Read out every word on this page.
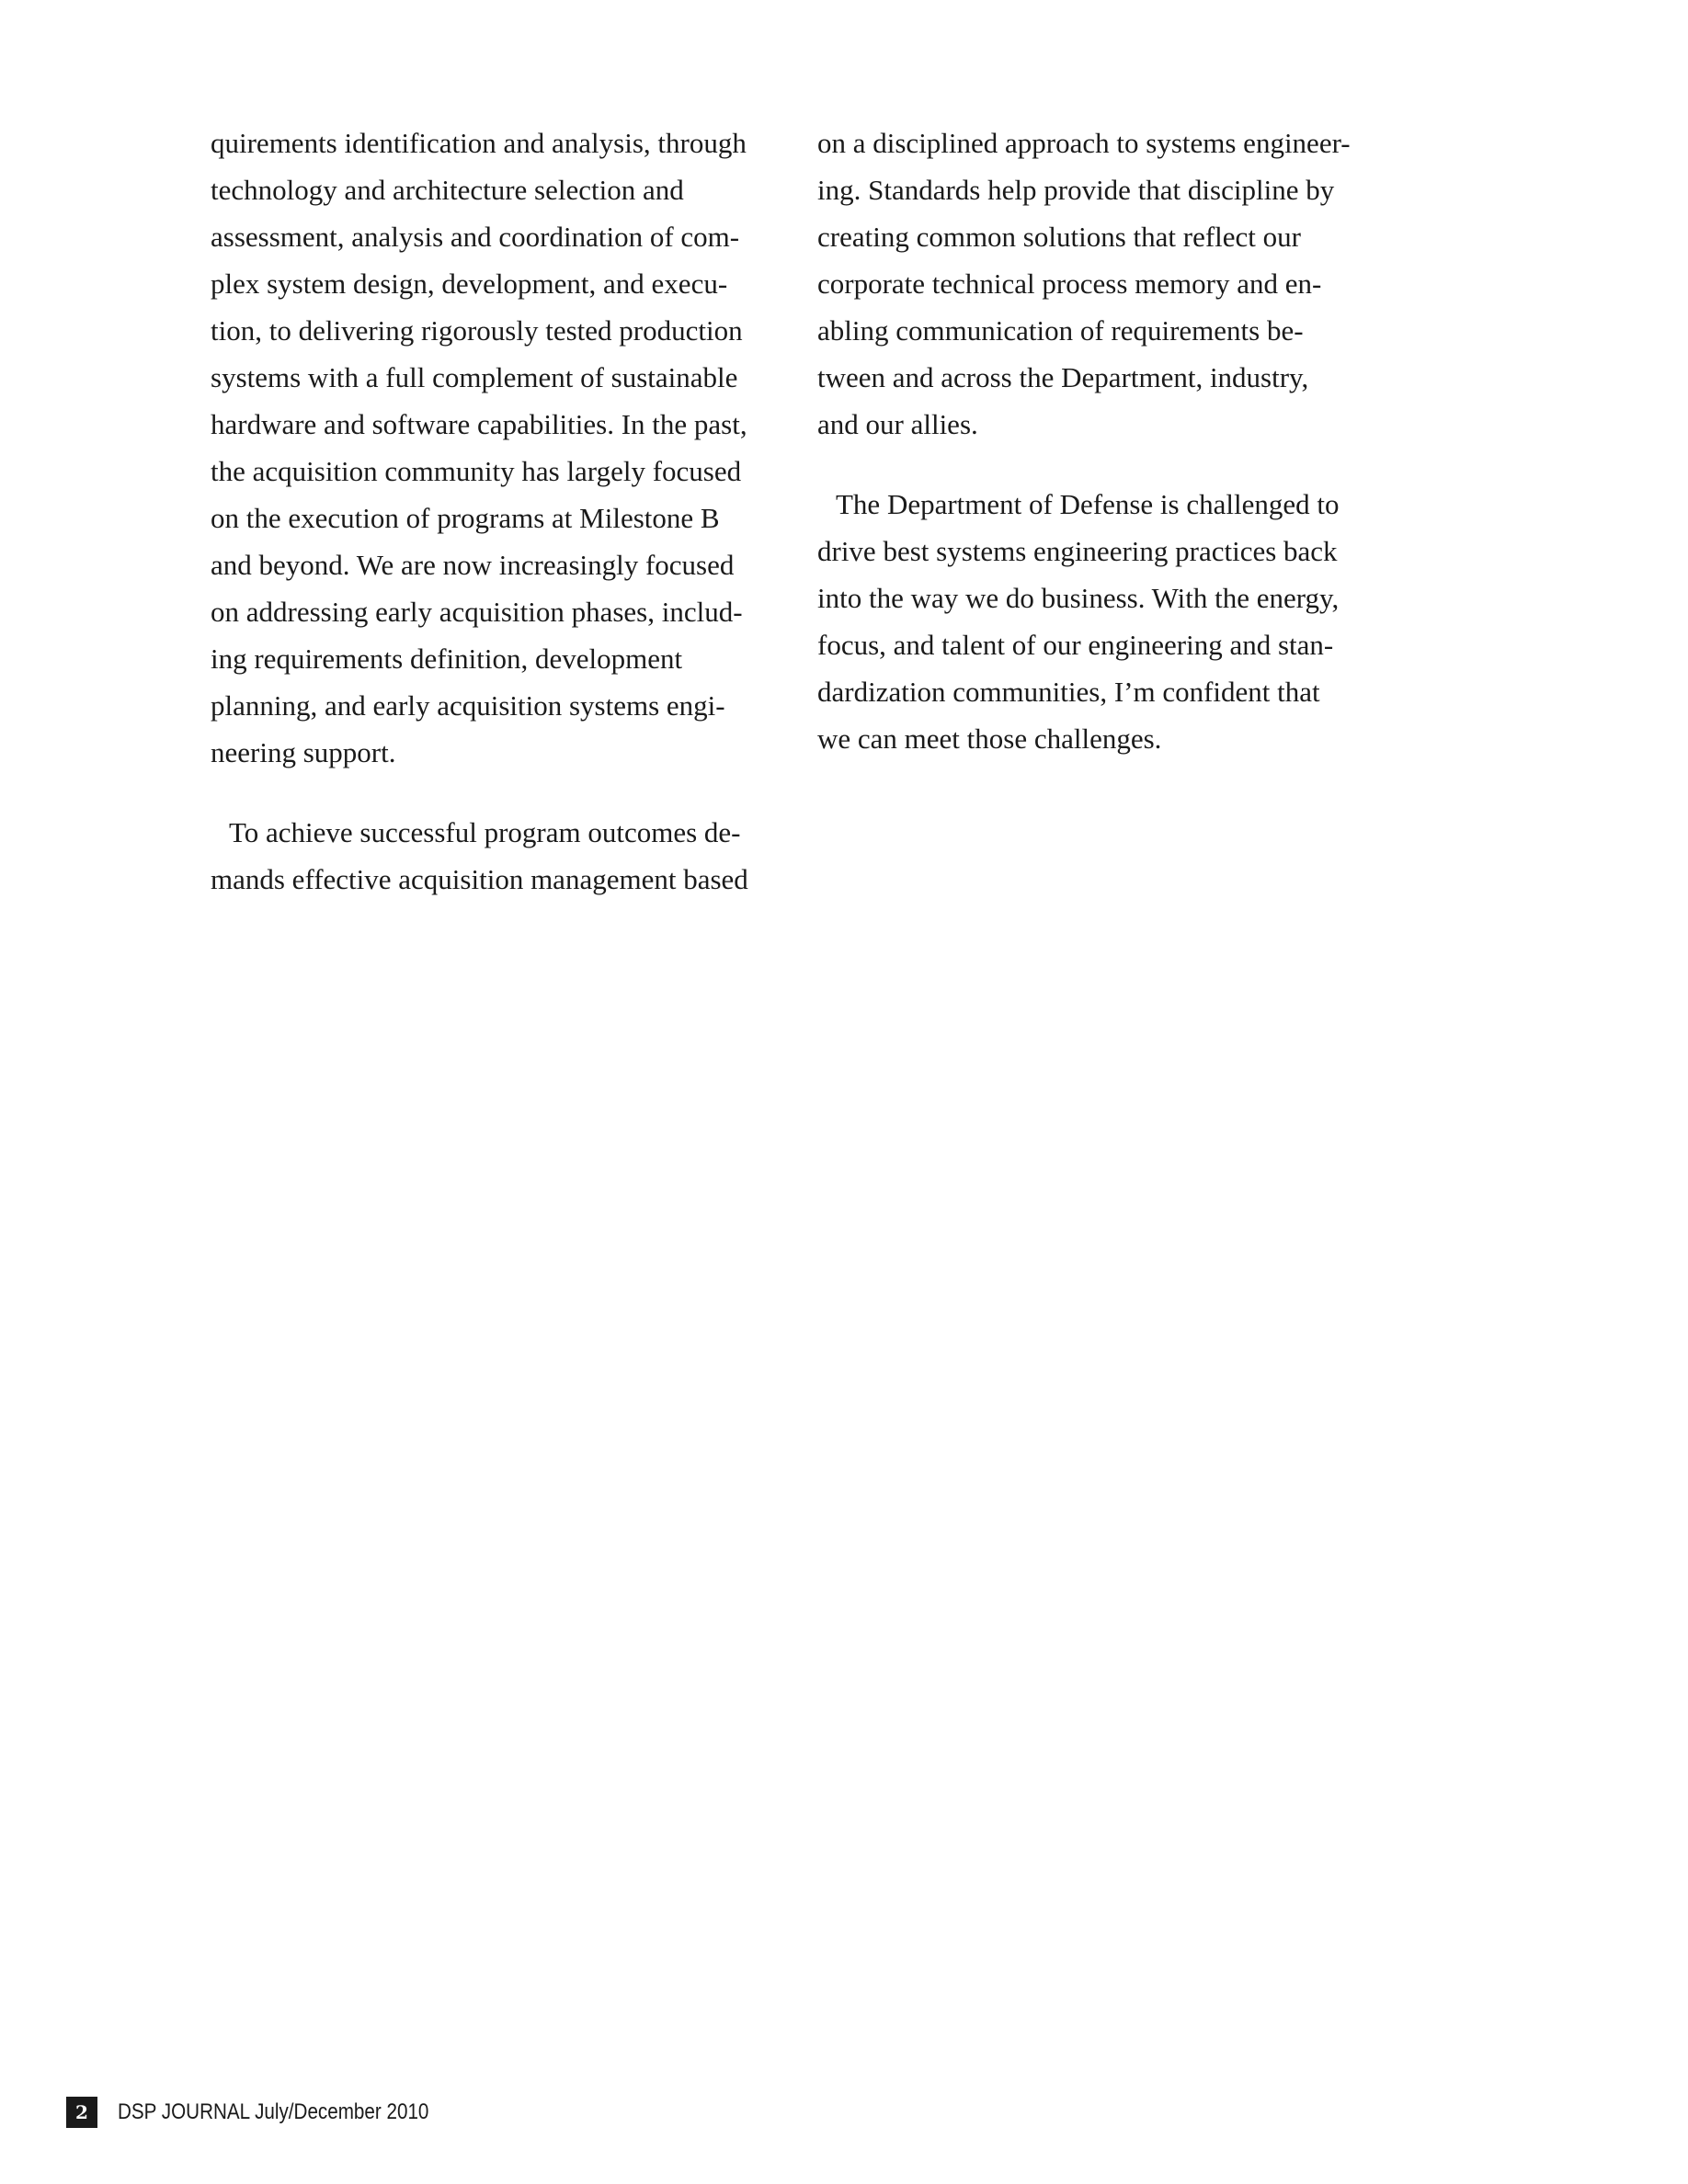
quirements identification and analysis, through
technology and architecture selection and
assessment, analysis and coordination of com-
plex system design, development, and execu-
tion, to delivering rigorously tested production
systems with a full complement of sustainable
hardware and software capabilities. In the past,
the acquisition community has largely focused
on the execution of programs at Milestone B
and beyond. We are now increasingly focused
on addressing early acquisition phases, includ-
ing requirements definition, development
planning, and early acquisition systems engi-
neering support.
To achieve successful program outcomes de-
mands effective acquisition management based
on a disciplined approach to systems engineer-
ing. Standards help provide that discipline by
creating common solutions that reflect our
corporate technical process memory and en-
abling communication of requirements be-
tween and across the Department, industry,
and our allies.
The Department of Defense is challenged to
drive best systems engineering practices back
into the way we do business. With the energy,
focus, and talent of our engineering and stan-
dardization communities, I’m confident that
we can meet those challenges.
2	DSP JOURNAL July/December 2010
